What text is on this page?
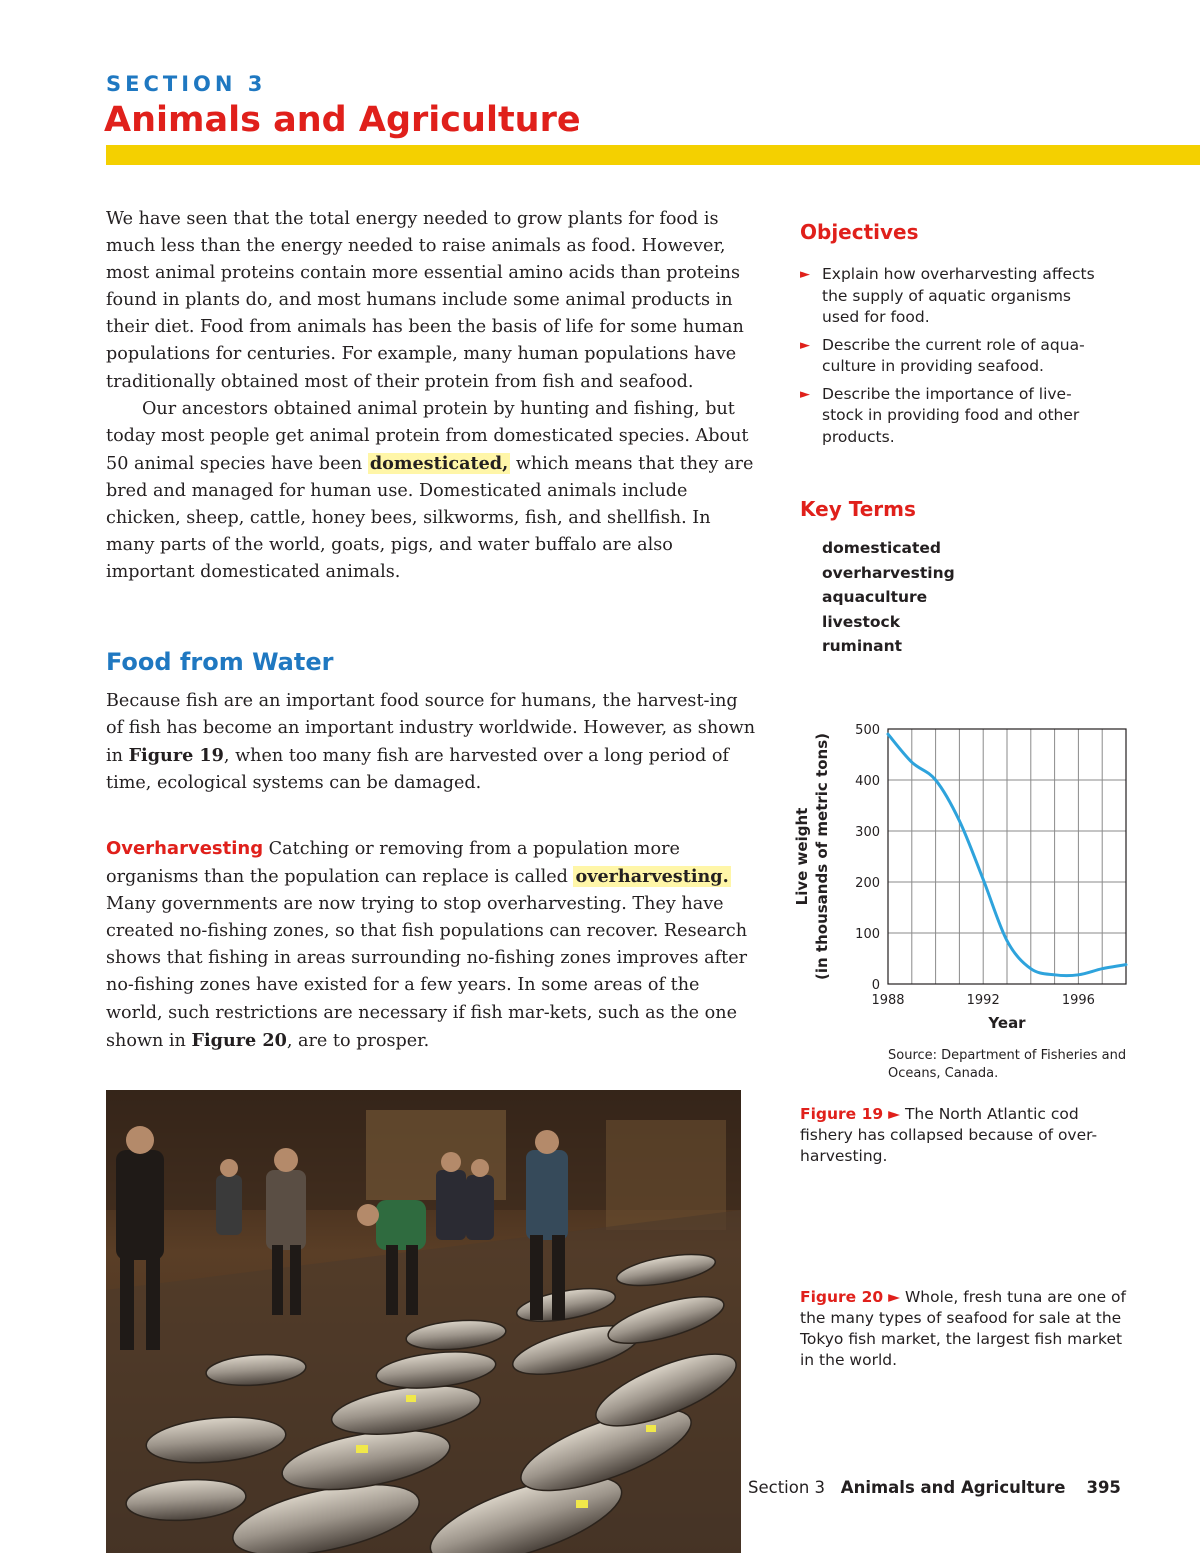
SECTION 3
Animals and Agriculture

We have seen that the total energy needed to grow plants for food is much less than the energy needed to raise animals as food. However, most animal proteins contain more essential amino acids than proteins found in plants do, and most humans include some animal products in their diet. Food from animals has been the basis of life for some human populations for centuries. For example, many human populations have traditionally obtained most of their protein from fish and seafood.

Our ancestors obtained animal protein by hunting and fishing, but today most people get animal protein from domesticated species. About 50 animal species have been domesticated, which means that they are bred and managed for human use. Domesticated animals include chicken, sheep, cattle, honey bees, silkworms, fish, and shellfish. In many parts of the world, goats, pigs, and water buffalo are also important domesticated animals.

Food from Water

Because fish are an important food source for humans, the harvest-ing of fish has become an important industry worldwide. However, as shown in Figure 19, when too many fish are harvested over a long period of time, ecological systems can be damaged.

Overharvesting Catching or removing from a population more organisms than the population can replace is called overharvesting. Many governments are now trying to stop overharvesting. They have created no-fishing zones, so that fish populations can recover. Research shows that fishing in areas surrounding no-fishing zones improves after no-fishing zones have existed for a few years. In some areas of the world, such restrictions are necessary if fish mar-kets, such as the one shown in Figure 20, are to prosper.

Objectives
► Explain how overharvesting affects the supply of aquatic organisms used for food.
► Describe the current role of aqua-culture in providing seafood.
► Describe the importance of live-stock in providing food and other products.
Key Terms
domesticated
overharvesting
aquaculture
livestock
ruminant
0
100
200
300
400
500
1988	1992	1996
Year
Live weight (in thousands of metric tons)
Source: Department of Fisheries and Oceans, Canada.
Figure 19 ► The North Atlantic cod fishery has collapsed because of over-harvesting.
Figure 20 ► Whole, fresh tuna are one of the many types of seafood for sale at the Tokyo fish market, the largest fish market in the world.
Section 3 Animals and Agriculture 395
